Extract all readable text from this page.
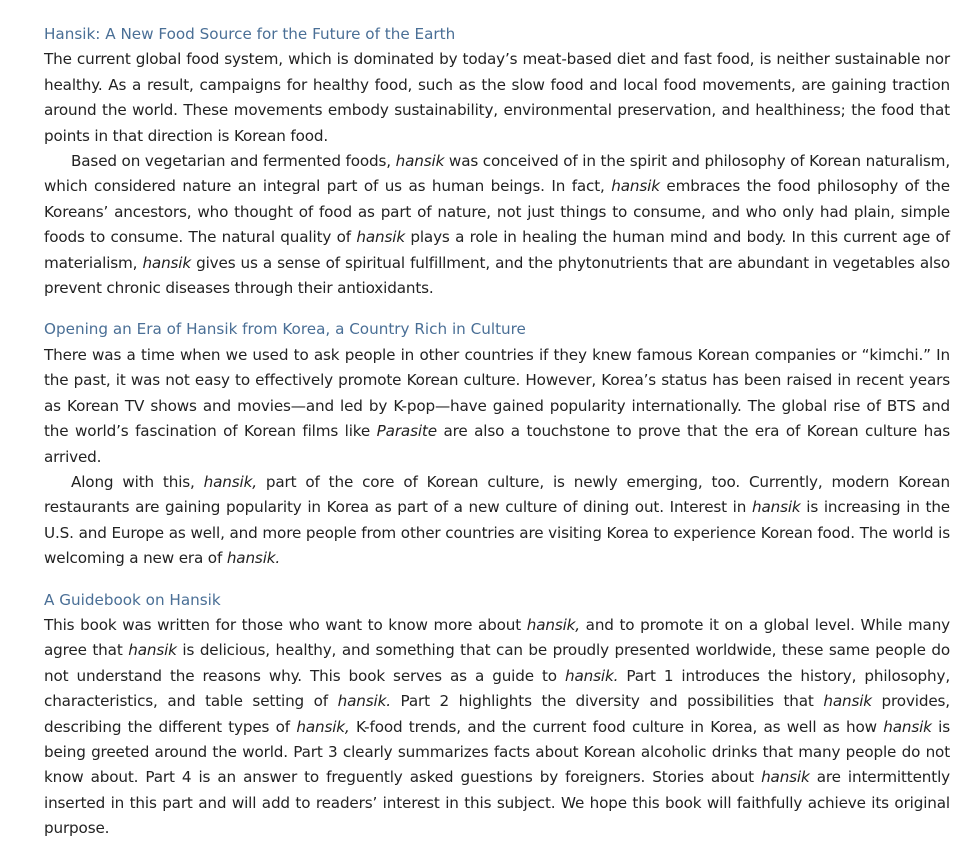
Hansik: A New Food Source for the Future of the Earth

The current global food system, which is dominated by today’s meat-based diet and fast food, is neither sustainable nor healthy. As a result, campaigns for healthy food, such as the slow food and local food movements, are gaining traction around the world. These movements embody sustainability, environmental preservation, and healthiness; the food that points in that direction is Korean food.

Based on vegetarian and fermented foods, hansik was conceived of in the spirit and philosophy of Korean naturalism, which considered nature an integral part of us as human beings. In fact, hansik embraces the food philosophy of the Koreans’ ancestors, who thought of food as part of nature, not just things to consume, and who only had plain, simple foods to consume. The natural quality of hansik plays a role in healing the human mind and body. In this current age of materialism, hansik gives us a sense of spiritual fulfillment, and the phytonutrients that are abundant in vegetables also prevent chronic diseases through their antioxidants.

Opening an Era of Hansik from Korea, a Country Rich in Culture

There was a time when we used to ask people in other countries if they knew famous Korean companies or “kimchi.” In the past, it was not easy to effectively promote Korean culture. However, Korea’s status has been raised in recent years as Korean TV shows and movies—and led by K-pop—have gained popularity internationally. The global rise of BTS and the world’s fascination of Korean films like Parasite are also a touchstone to prove that the era of Korean culture has arrived.

Along with this, hansik, part of the core of Korean culture, is newly emerging, too. Currently, modern Korean restaurants are gaining popularity in Korea as part of a new culture of dining out. Interest in hansik is increasing in the U.S. and Europe as well, and more people from other countries are visiting Korea to experience Korean food. The world is welcoming a new era of hansik.

A Guidebook on Hansik

This book was written for those who want to know more about hansik, and to promote it on a global level. While many agree that hansik is delicious, healthy, and something that can be proudly presented worldwide, these same people do not understand the reasons why. This book serves as a guide to hansik. Part 1 introduces the history, philosophy, characteristics, and table setting of hansik. Part 2 highlights the diversity and possibilities that hansik provides, describing the different types of hansik, K-food trends, and the current food culture in Korea, as well as how hansik is being greeted around the world. Part 3 clearly summarizes facts about Korean alcoholic drinks that many people do not know about. Part 4 is an answer to freguently asked guestions by foreigners. Stories about hansik are intermittently inserted in this part and will add to readers’ interest in this subject. We hope this book will faithfully achieve its original purpose.
